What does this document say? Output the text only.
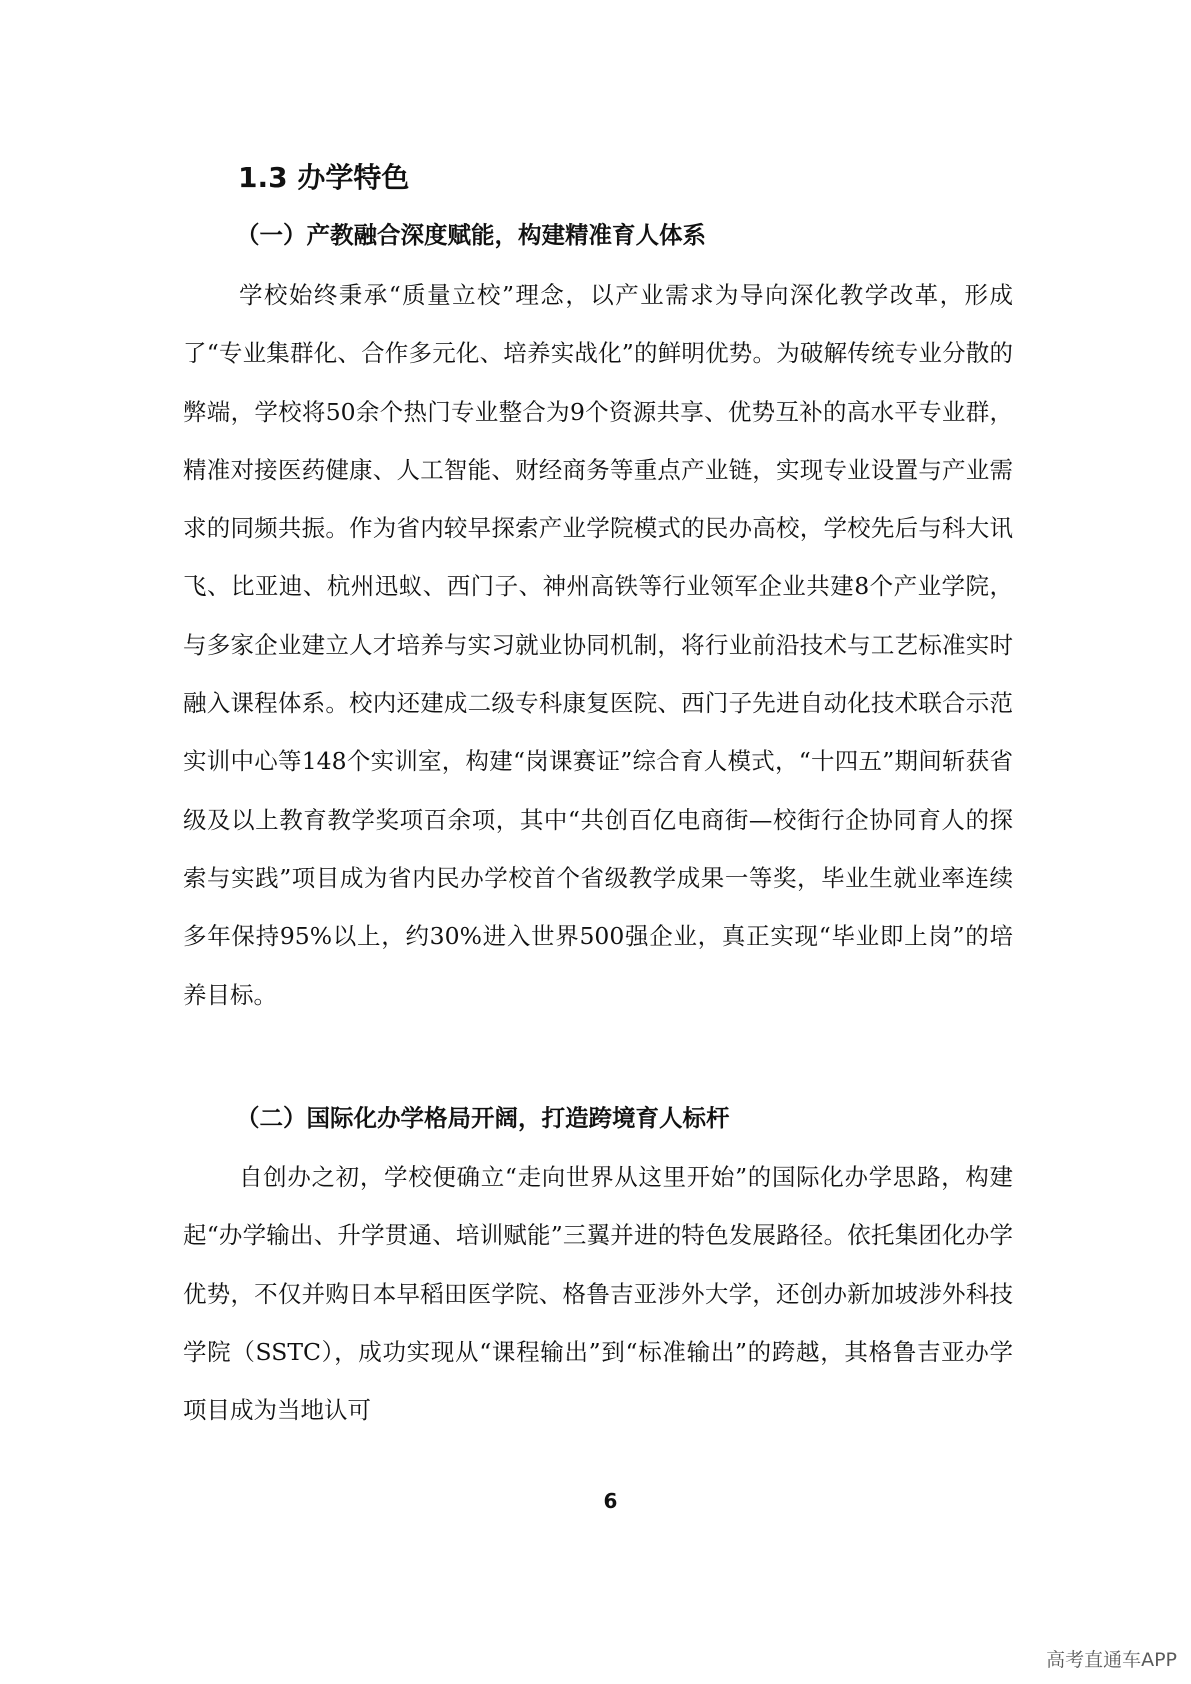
1.3 办学特色
（一）产教融合深度赋能，构建精准育人体系

学校始终秉承“质量立校”理念，以产业需求为导向深化教学改革，形成了“专业集群化、合作多元化、培养实战化”的鲜明优势。为破解传统专业分散的弊端，学校将50余个热门专业整合为9个资源共享、优势互补的高水平专业群，精准对接医药健康、人工智能、财经商务等重点产业链，实现专业设置与产业需求的同频共振。作为省内较早探索产业学院模式的民办高校，学校先后与科大讯飞、比亚迪、杭州迅蚁、西门子、神州高铁等行业领军企业共建8个产业学院，与多家企业建立人才培养与实习就业协同机制，将行业前沿技术与工艺标准实时融入课程体系。校内还建成二级专科康复医院、西门子先进自动化技术联合示范实训中心等148个实训室，构建“岗课赛证”综合育人模式，“十四五”期间斩获省级及以上教育教学奖项百余项，其中“共创百亿电商街—校街行企协同育人的探索与实践”项目成为省内民办学校首个省级教学成果一等奖，毕业生就业率连续多年保持95%以上，约30%进入世界500强企业，真正实现“毕业即上岗”的培养目标。

（二）国际化办学格局开阔，打造跨境育人标杆

自创办之初，学校便确立“走向世界从这里开始”的国际化办学思路，构建起“办学输出、升学贯通、培训赋能”三翼并进的特色发展路径。依托集团化办学优势，不仅并购日本早稻田医学院、格鲁吉亚涉外大学，还创办新加坡涉外科技学院（SSTC），成功实现从“课程输出”到“标准输出”的跨越，其格鲁吉亚办学项目成为当地认可

6
高考直通车APP
